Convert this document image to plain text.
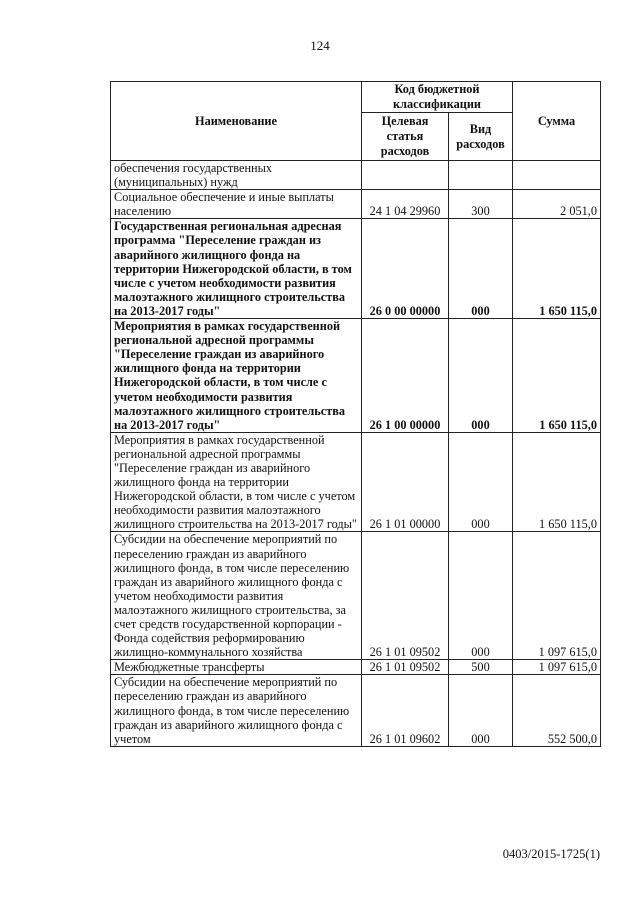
124
Наименование	Код бюджетной классификации		Сумма
	Целевая статья расходов	Вид расходов	
обеспечения государственных (муниципальных) нужд			
Социальное обеспечение и иные выплаты населению	24 1 04 29960	300	2 051,0
Государственная региональная адресная программа "Переселение граждан из аварийного жилищного фонда на территории Нижегородской области, в том числе с учетом необходимости развития малоэтажного жилищного строительства на 2013-2017 годы"	26 0 00 00000	000	1 650 115,0
Мероприятия в рамках государственной региональной адресной программы "Переселение граждан из аварийного жилищного фонда на территории Нижегородской области, в том числе с учетом необходимости развития малоэтажного жилищного строительства на 2013-2017 годы"	26 1 00 00000	000	1 650 115,0
Мероприятия в рамках государственной региональной адресной программы "Переселение граждан из аварийного жилищного фонда на территории Нижегородской области, в том числе с учетом необходимости развития малоэтажного жилищного строительства на 2013-2017 годы"	26 1 01 00000	000	1 650 115,0
Субсидии на обеспечение мероприятий по переселению граждан из аварийного жилищного фонда, в том числе переселению граждан из аварийного жилищного фонда с учетом необходимости развития малоэтажного жилищного строительства, за счет средств государственной корпорации - Фонда содействия реформированию жилищно-коммунального хозяйства	26 1 01 09502	000	1 097 615,0
Межбюджетные трансферты	26 1 01 09502	500	1 097 615,0
Субсидии на обеспечение мероприятий по переселению граждан из аварийного жилищного фонда, в том числе переселению граждан из аварийного жилищного фонда с учетом	26 1 01 09602	000	552 500,0
0403/2015-1725(1)
